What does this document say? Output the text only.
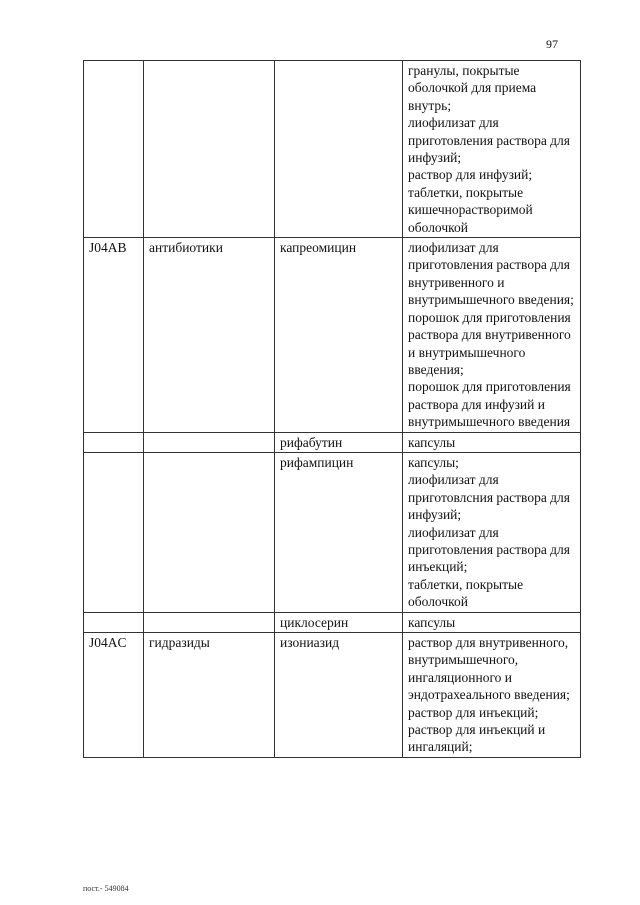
97

			гранулы, покрытые оболочкой для приема внутрь;
лиофилизат для приготовления раствора для инфузий;
раствор для инфузий;
таблетки, покрытые кишечнорастворимой оболочкой

J04AB	антибиотики	капреомицин	лиофилизат для приготовления раствора для внутривенного и внутримышечного введения;
порошок для приготовления раствора для внутривенного и внутримышечного введения;
порошок для приготовления раствора для инфузий и внутримышечного введения

		рифабутин	капсулы

		рифампицин	капсулы;
лиофилизат для приготовлсния раствора для инфузий;
лиофилизат для приготовления раствора для инъекций;
таблетки, покрытые оболочкой

		циклосерин	капсулы

J04AC	гидразиды	изониазид	раствор для внутривенного, внутримышечного, ингаляционного и эндотрахеального введения;
раствор для инъекций;
раствор для инъекций и ингаляций;
пост.- 549084
